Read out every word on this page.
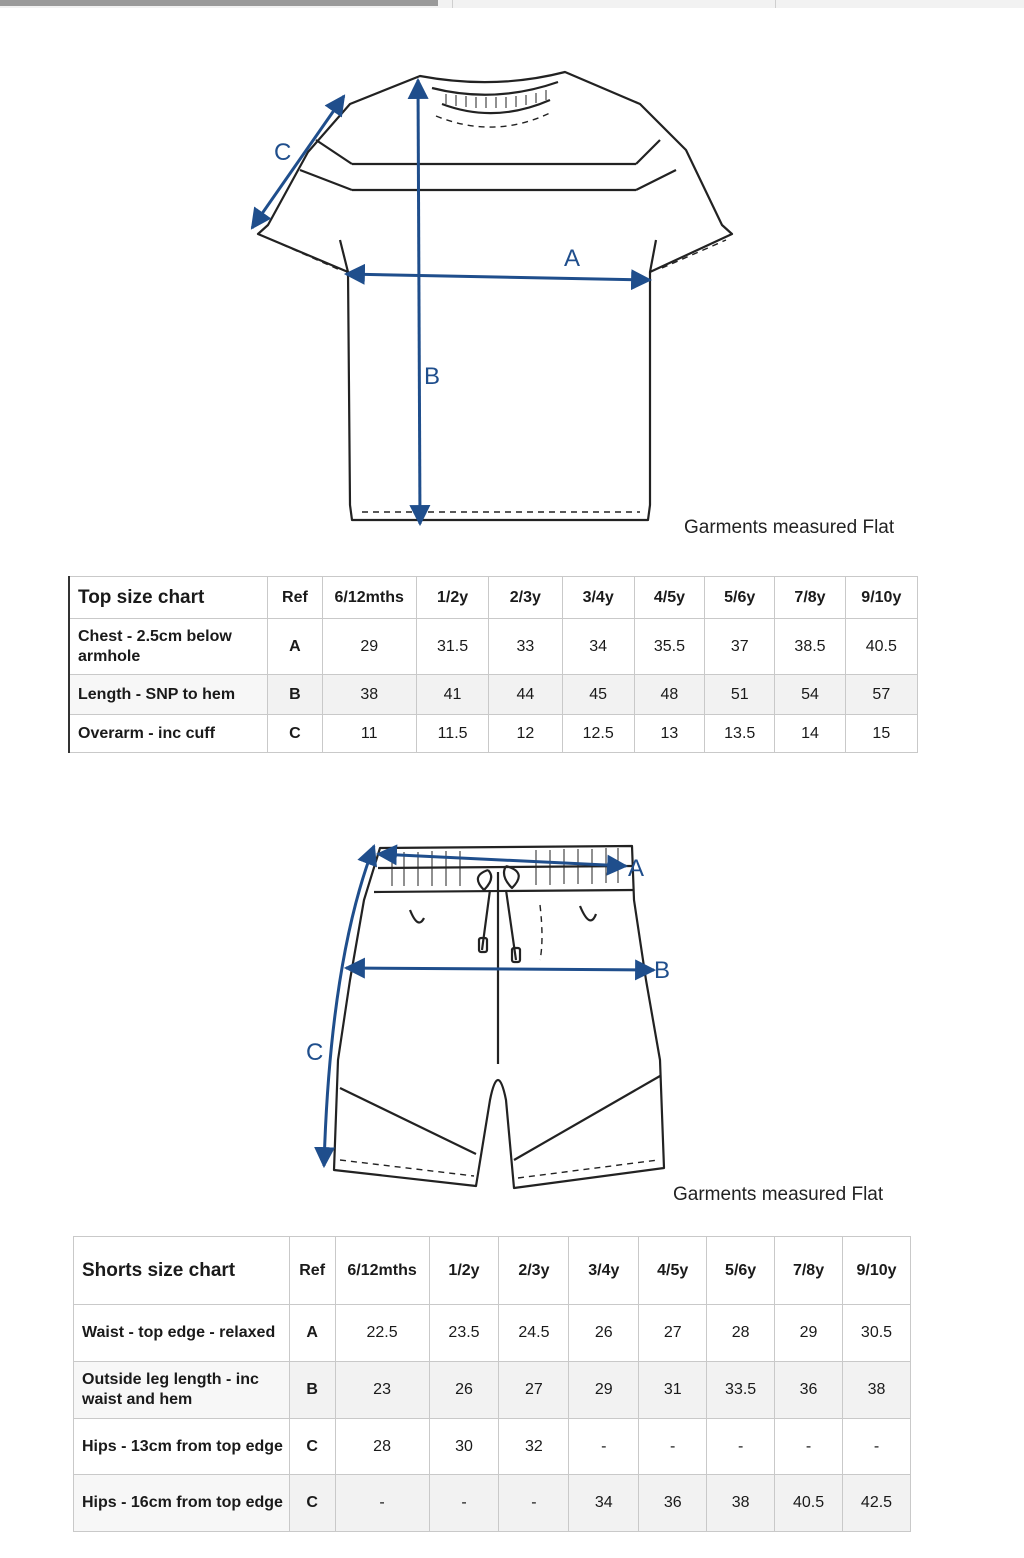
C
A
B
Garments measured Flat
Top size chart	Ref	6/12mths	1/2y	2/3y	3/4y	4/5y	5/6y	7/8y	9/10y
Chest - 2.5cm below armhole	A	29	31.5	33	34	35.5	37	38.5	40.5
Length - SNP to hem	B	38	41	44	45	48	51	54	57
Overarm - inc cuff	C	11	11.5	12	12.5	13	13.5	14	15
A
B
C
Garments measured Flat
Shorts size chart	Ref	6/12mths	1/2y	2/3y	3/4y	4/5y	5/6y	7/8y	9/10y
Waist - top edge - relaxed	A	22.5	23.5	24.5	26	27	28	29	30.5
Outside leg length - inc waist and hem	B	23	26	27	29	31	33.5	36	38
Hips - 13cm from top edge	C	28	30	32	-	-	-	-	-
Hips - 16cm from top edge	C	-	-	-	34	36	38	40.5	42.5
